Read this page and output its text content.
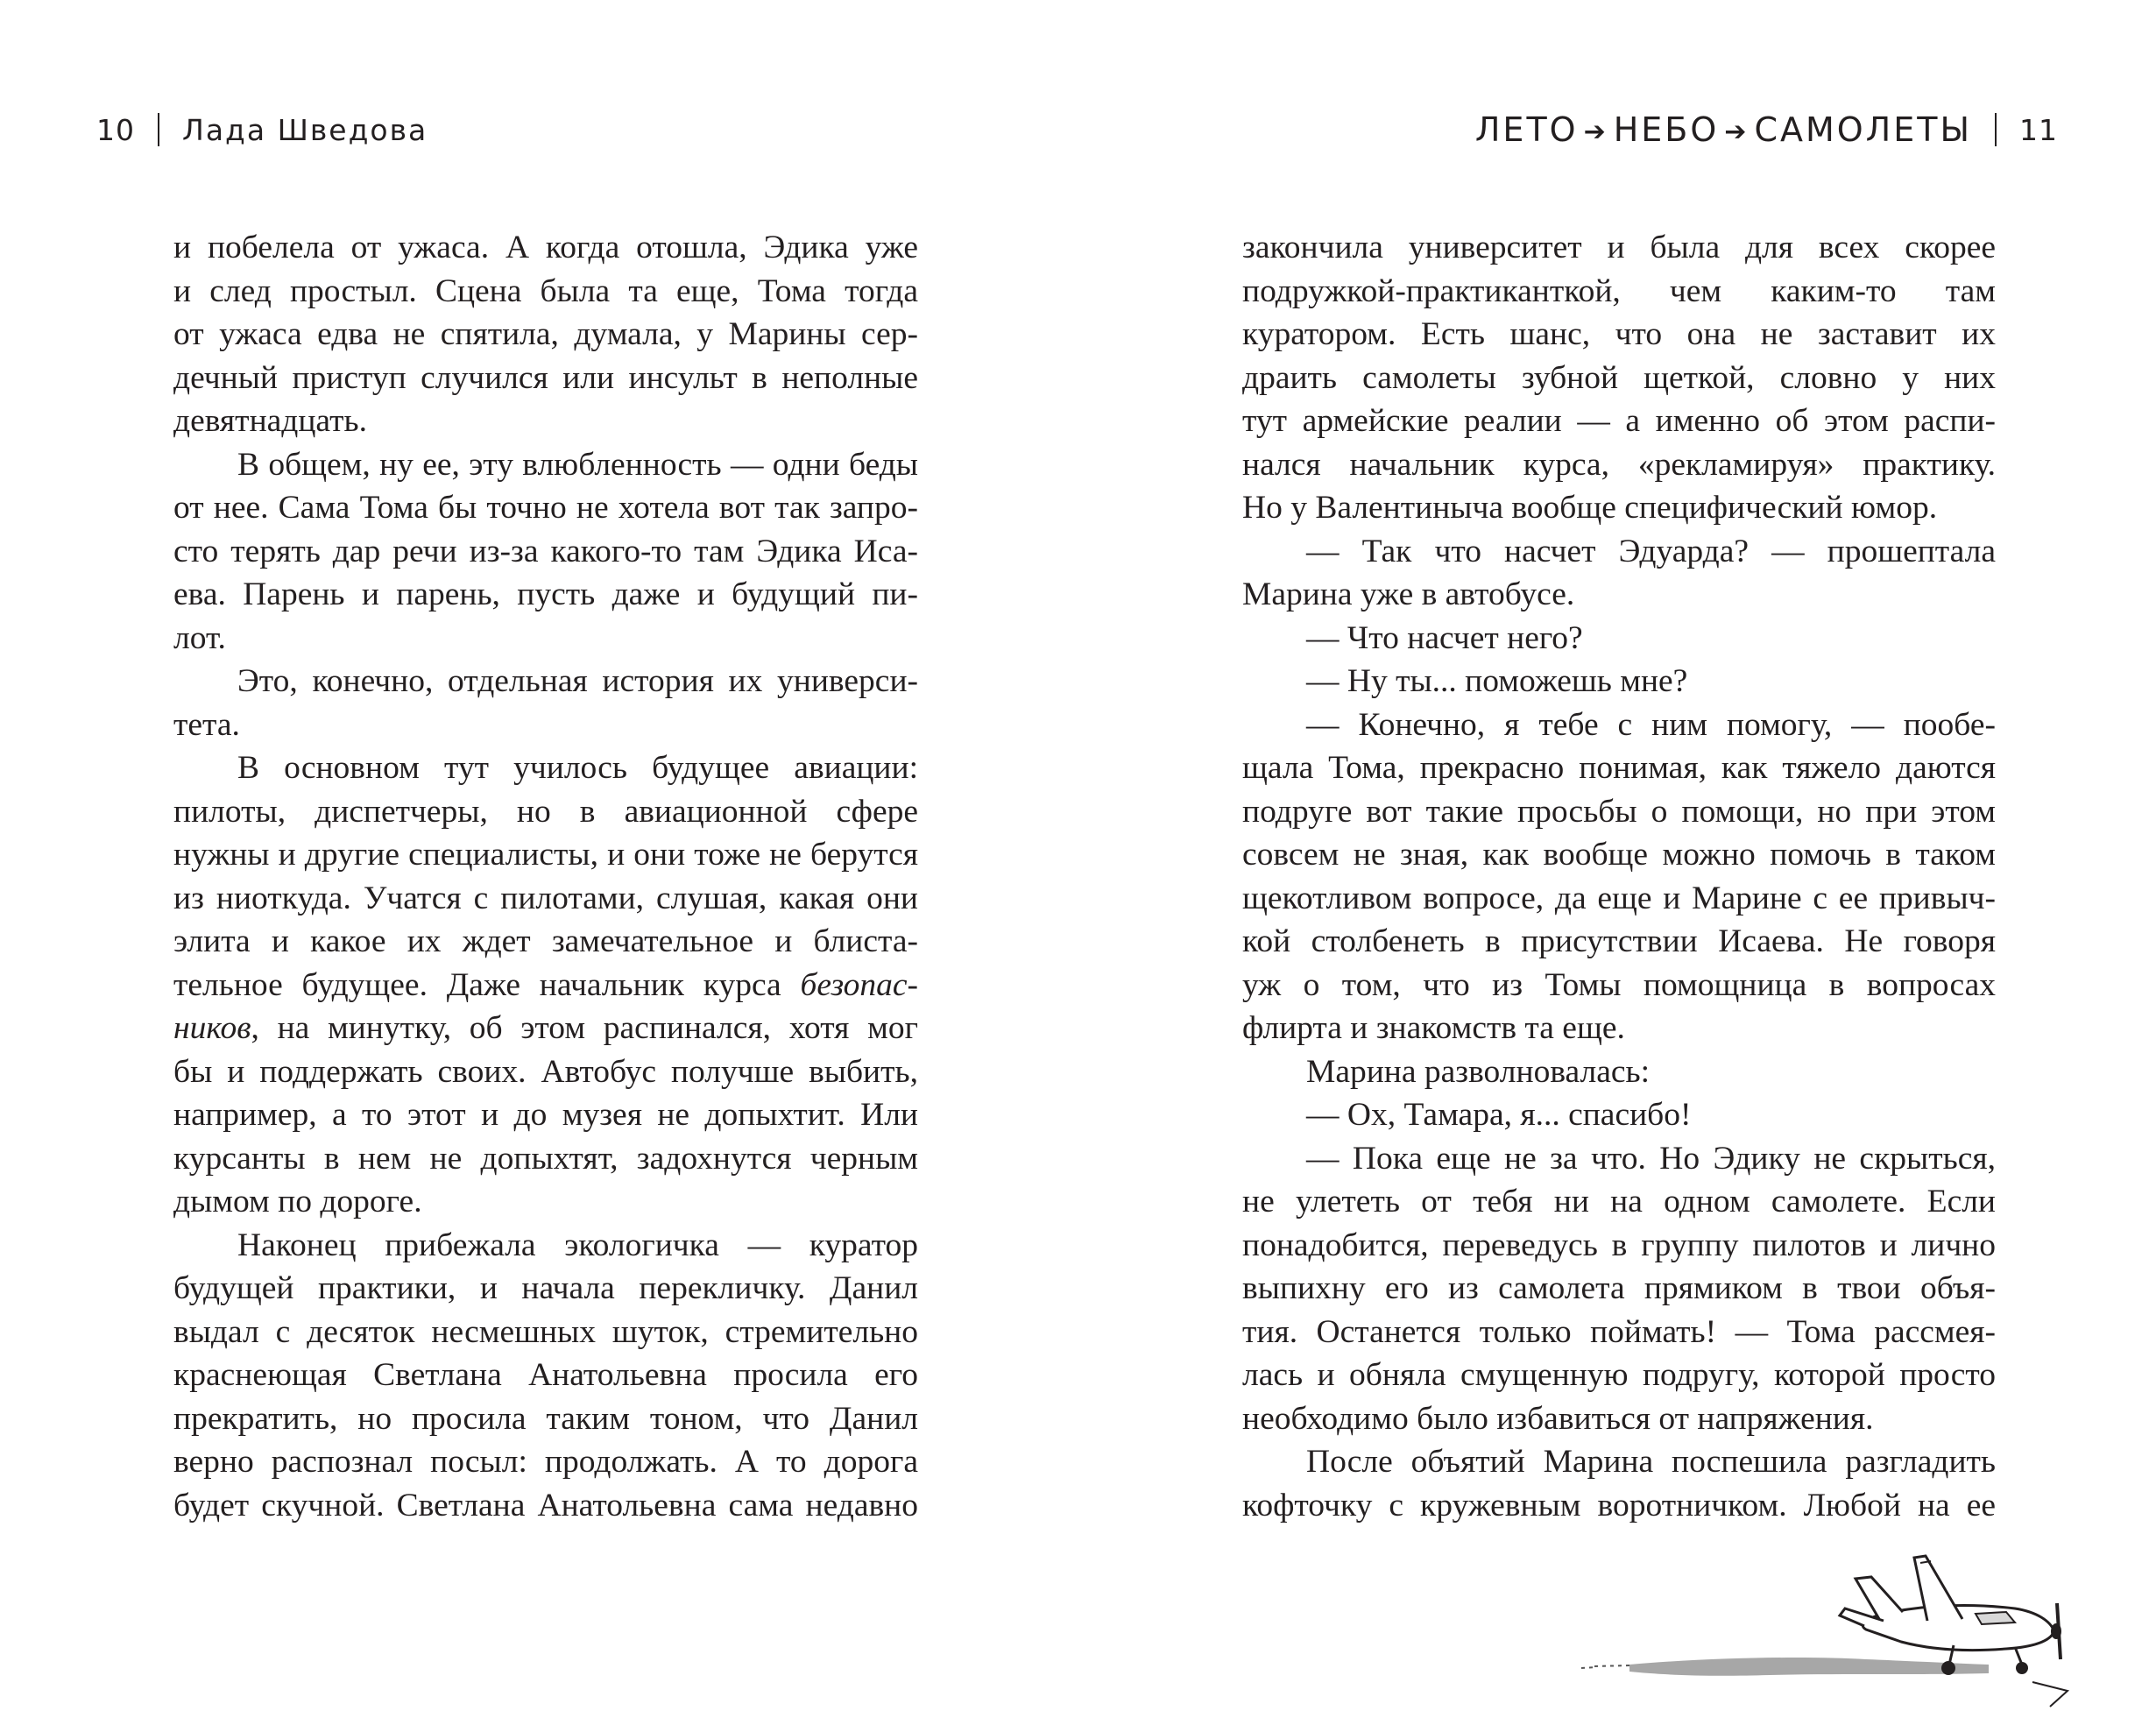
10 Лада Шведова	ЛЕТО ➔ НЕБО ➔ САМОЛЕТЫ 11
и побелела от ужаса. А когда отошла, Эдика уже
и след простыл. Сцена была та еще, Тома тогда
от ужаса едва не спятила, думала, у Марины сер-
дечный приступ случился или инсульт в неполные
девятнадцать.
В общем, ну ее, эту влюбленность — одни беды
от нее. Сама Тома бы точно не хотела вот так запро-
сто терять дар речи из-за какого-то там Эдика Иса-
ева. Парень и парень, пусть даже и будущий пи-
лот.
Это, конечно, отдельная история их универси-
тета.
В основном тут училось будущее авиации:
пилоты, диспетчеры, но в авиационной сфере
нужны и другие специалисты, и они тоже не берутся
из ниоткуда. Учатся с пилотами, слушая, какая они
элита и какое их ждет замечательное и блиста-
тельное будущее. Даже начальник курса безопас-
ников, на минутку, об этом распинался, хотя мог
бы и поддержать своих. Автобус получше выбить,
например, а то этот и до музея не допыхтит. Или
курсанты в нем не допыхтят, задохнутся черным
дымом по дороге.
Наконец прибежала экологичка — куратор
будущей практики, и начала перекличку. Данил
выдал с десяток несмешных шуток, стремительно
краснеющая Светлана Анатольевна просила его
прекратить, но просила таким тоном, что Данил
верно распознал посыл: продолжать. А то дорога
будет скучной. Светлана Анатольевна сама недавно
закончила университет и была для всех скорее
подружкой-практиканткой, чем каким-то там
куратором. Есть шанс, что она не заставит их
драить самолеты зубной щеткой, словно у них
тут армейские реалии — а именно об этом распи-
нался начальник курса, «рекламируя» практику.
Но у Валентиныча вообще специфический юмор.
— Так что насчет Эдуарда? — прошептала
Марина уже в автобусе.
— Что насчет него?
— Ну ты... поможешь мне?
— Конечно, я тебе с ним помогу, — пообе-
щала Тома, прекрасно понимая, как тяжело даются
подруге вот такие просьбы о помощи, но при этом
совсем не зная, как вообще можно помочь в таком
щекотливом вопросе, да еще и Марине с ее привыч-
кой столбенеть в присутствии Исаева. Не говоря
уж о том, что из Томы помощница в вопросах
флирта и знакомств та еще.
Марина разволновалась:
— Ох, Тамара, я... спасибо!
— Пока еще не за что. Но Эдику не скрыться,
не улететь от тебя ни на одном самолете. Если
понадобится, переведусь в группу пилотов и лично
выпихну его из самолета прямиком в твои объя-
тия. Останется только поймать! — Тома рассмея-
лась и обняла смущенную подругу, которой просто
необходимо было избавиться от напряжения.
После объятий Марина поспешила разгладить
кофточку с кружевным воротничком. Любой на ее
